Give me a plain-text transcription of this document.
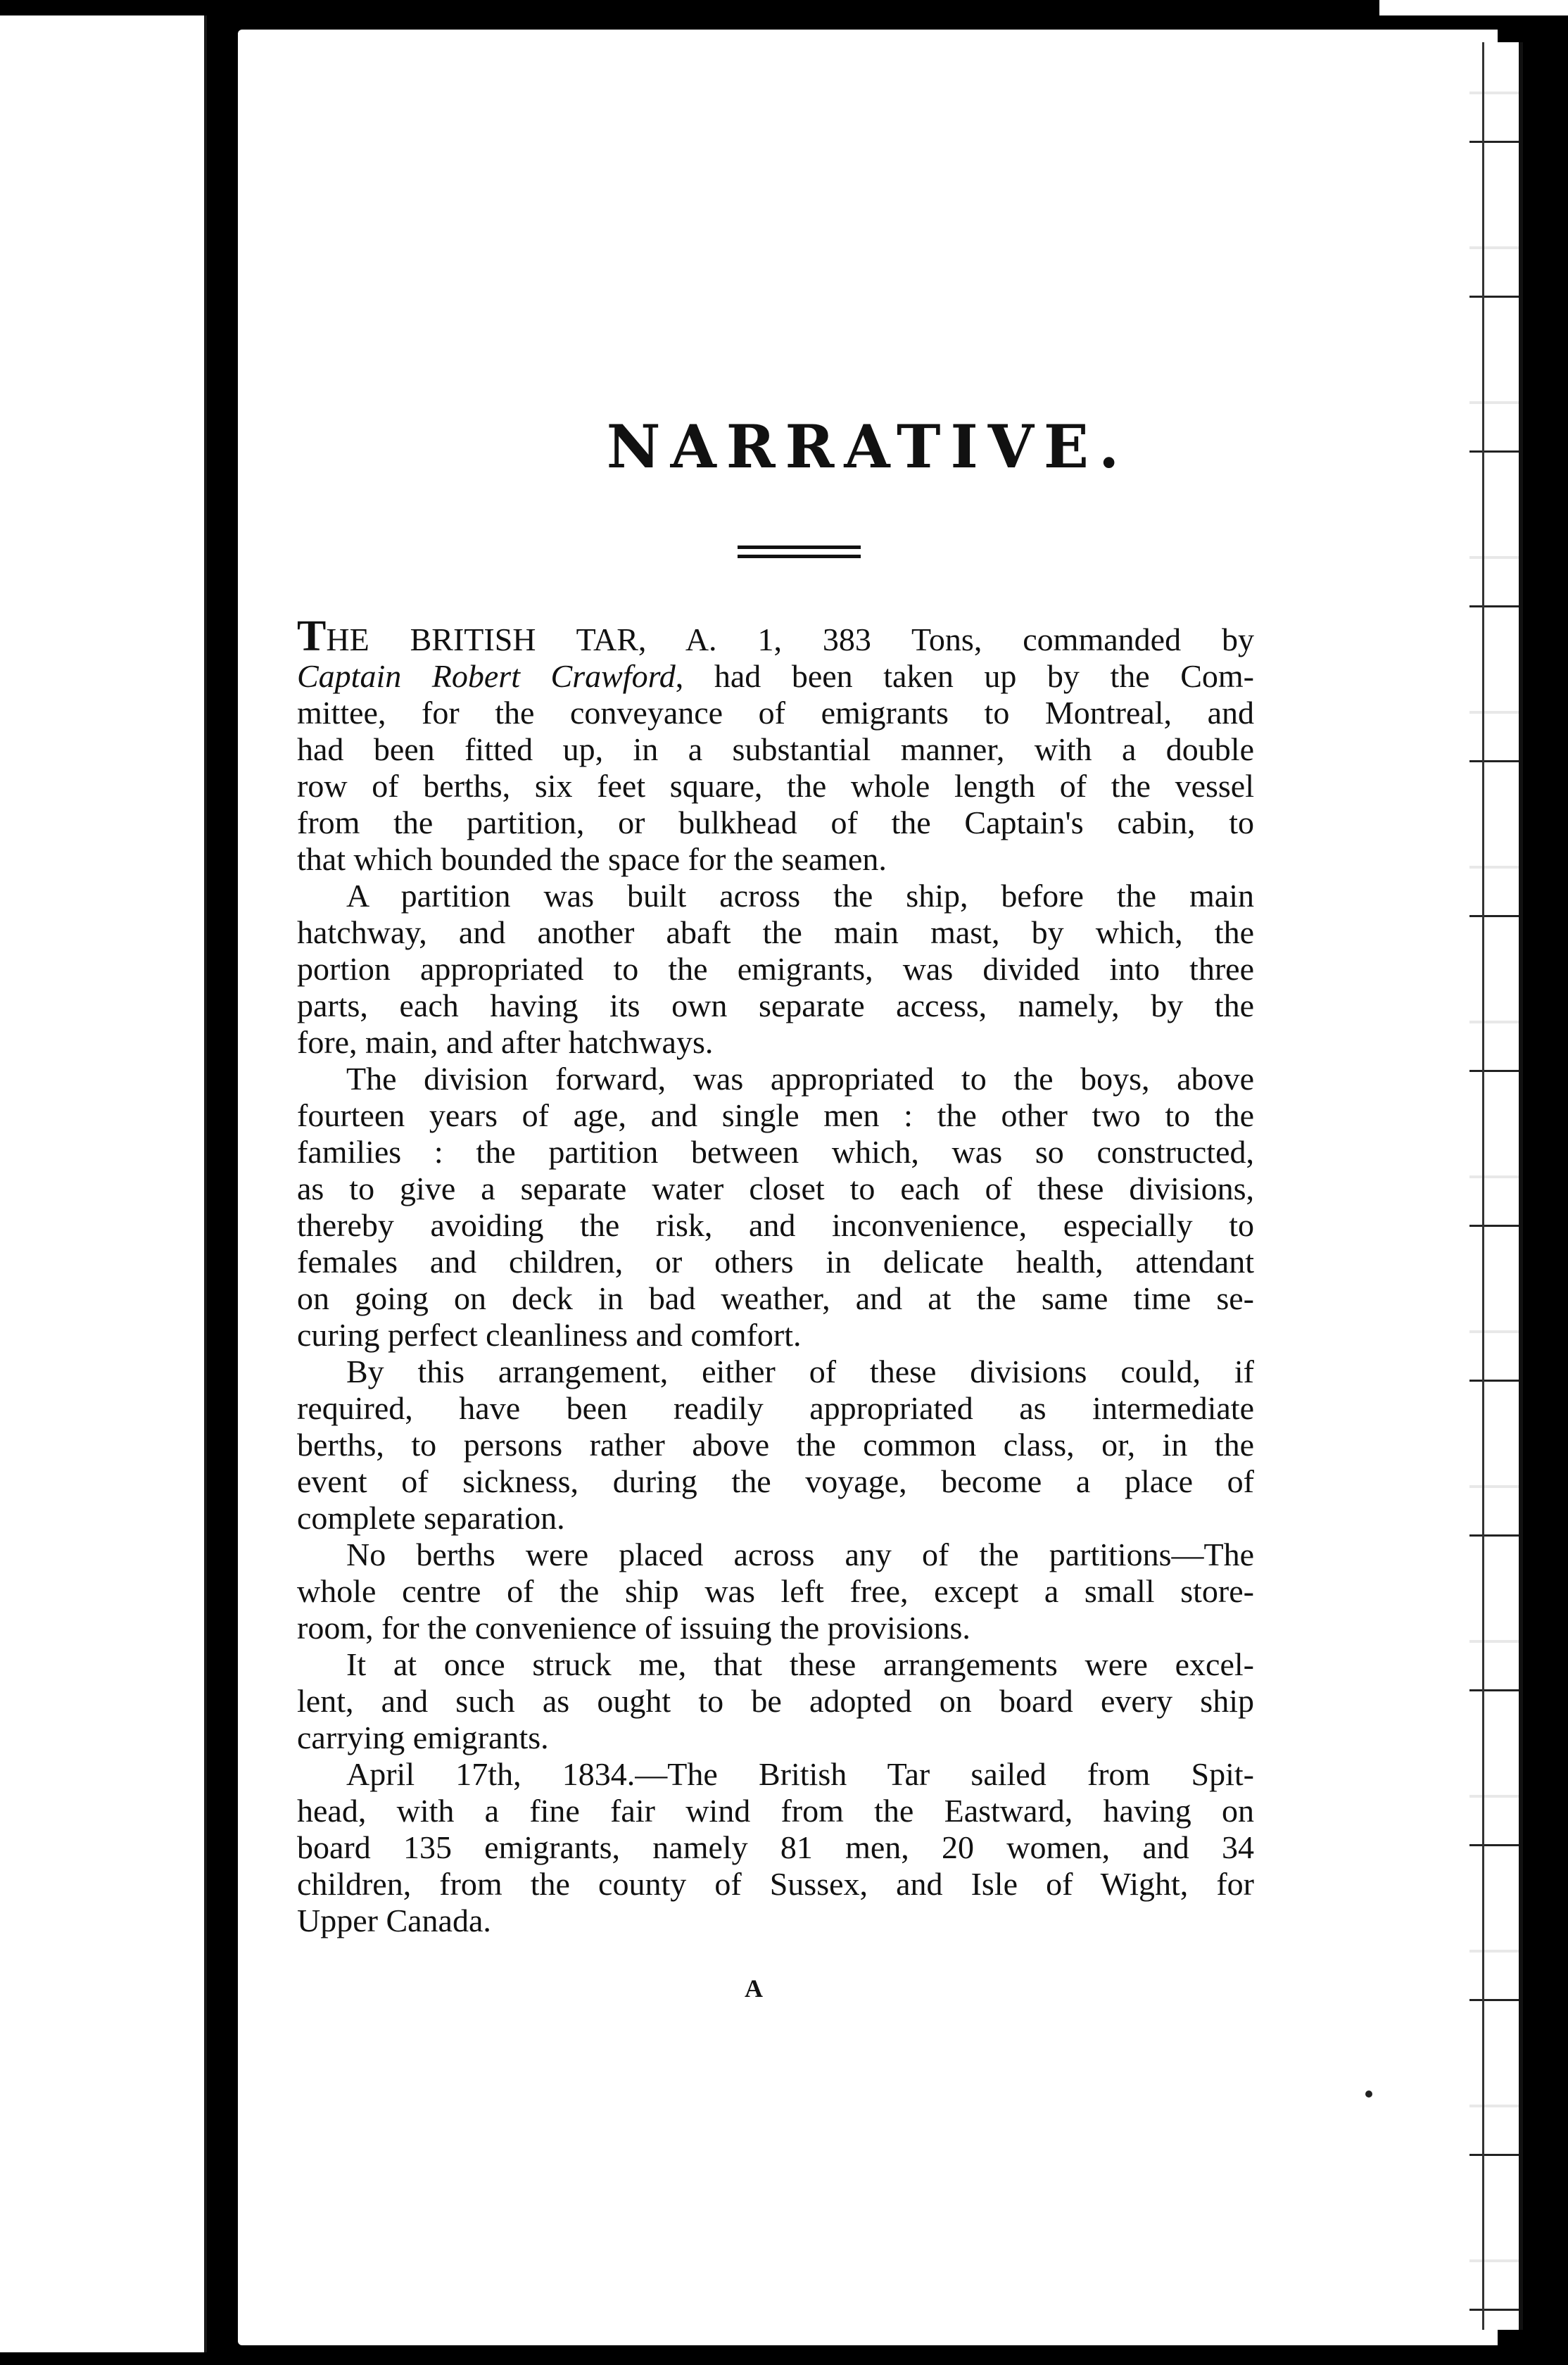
NARRATIVE.
THE BRITISH TAR, A. 1, 383 Tons, commanded by
Captain Robert Crawford, had been taken up by the Com-
mittee, for the conveyance of emigrants to Montreal, and
had been fitted up, in a substantial manner, with a double
row of berths, six feet square, the whole length of the vessel
from the partition, or bulkhead of the Captain's cabin, to
that which bounded the space for the seamen.
A partition was built across the ship, before the main
hatchway, and another abaft the main mast, by which, the
portion appropriated to the emigrants, was divided into three
parts, each having its own separate access, namely, by the
fore, main, and after hatchways.
The division forward, was appropriated to the boys, above
fourteen years of age, and single men : the other two to the
families : the partition between which, was so constructed,
as to give a separate water closet to each of these divisions,
thereby avoiding the risk, and inconvenience, especially to
females and children, or others in delicate health, attendant
on going on deck in bad weather, and at the same time se-
curing perfect cleanliness and comfort.
By this arrangement, either of these divisions could, if
required, have been readily appropriated as intermediate
berths, to persons rather above the common class, or, in the
event of sickness, during the voyage, become a place of
complete separation.
No berths were placed across any of the partitions—The
whole centre of the ship was left free, except a small store-
room, for the convenience of issuing the provisions.
It at once struck me, that these arrangements were excel-
lent, and such as ought to be adopted on board every ship
carrying emigrants.
April 17th, 1834.—The British Tar sailed from Spit-
head, with a fine fair wind from the Eastward, having on
board 135 emigrants, namely 81 men, 20 women, and 34
children, from the county of Sussex, and Isle of Wight, for
Upper Canada.
A
